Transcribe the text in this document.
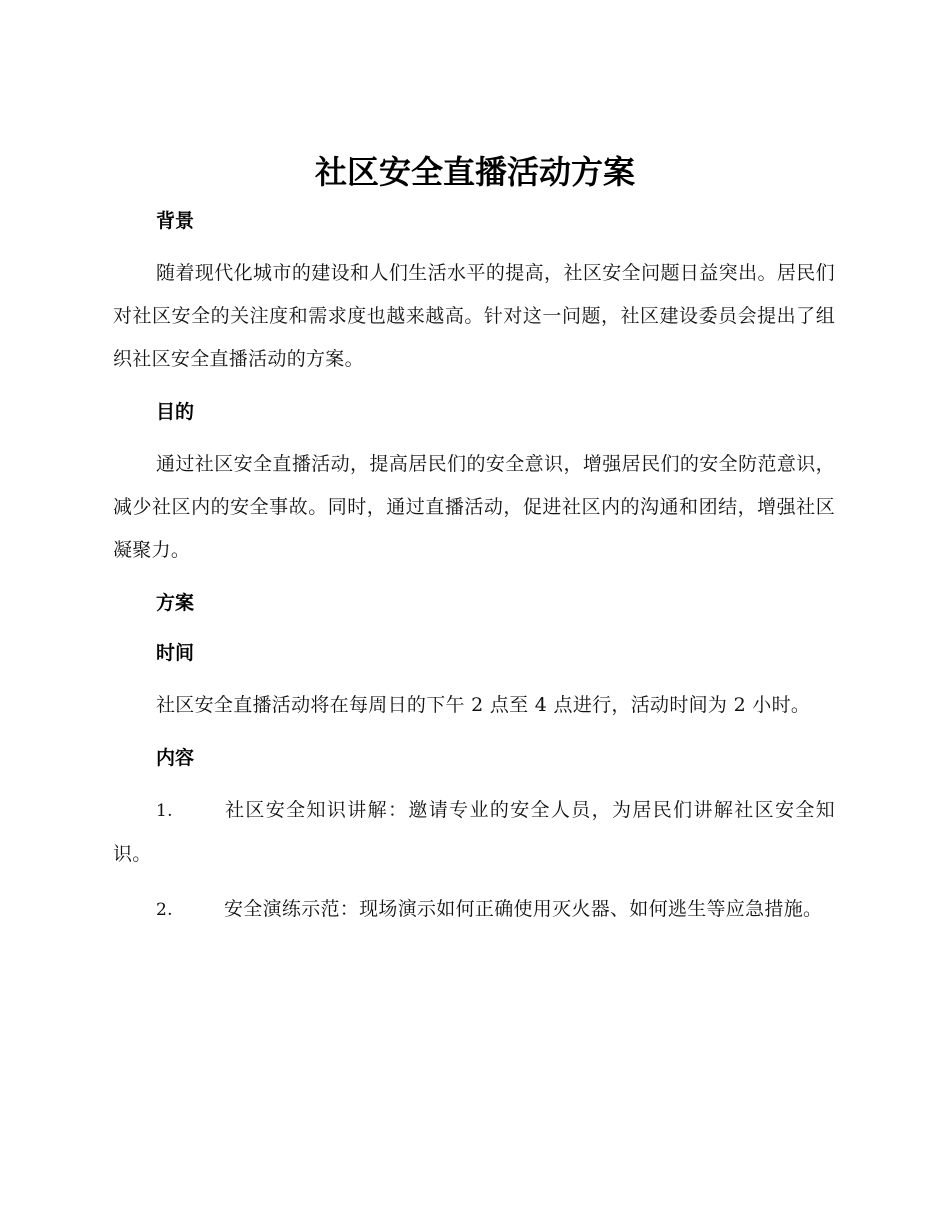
社区安全直播活动方案
背景

随着现代化城市的建设和人们生活水平的提高，社区安全问题日益突出。居民们对社区安全的关注度和需求度也越来越高。针对这一问题，社区建设委员会提出了组织社区安全直播活动的方案。

目的

通过社区安全直播活动，提高居民们的安全意识，增强居民们的安全防范意识，减少社区内的安全事故。同时，通过直播活动，促进社区内的沟通和团结，增强社区凝聚力。

方案
时间

社区安全直播活动将在每周日的下午 2 点至 4 点进行，活动时间为 2 小时。

内容

1.	社区安全知识讲解：邀请专业的安全人员，为居民们讲解社区安全知识。

2.	安全演练示范：现场演示如何正确使用灭火器、如何逃生等应急措施。
